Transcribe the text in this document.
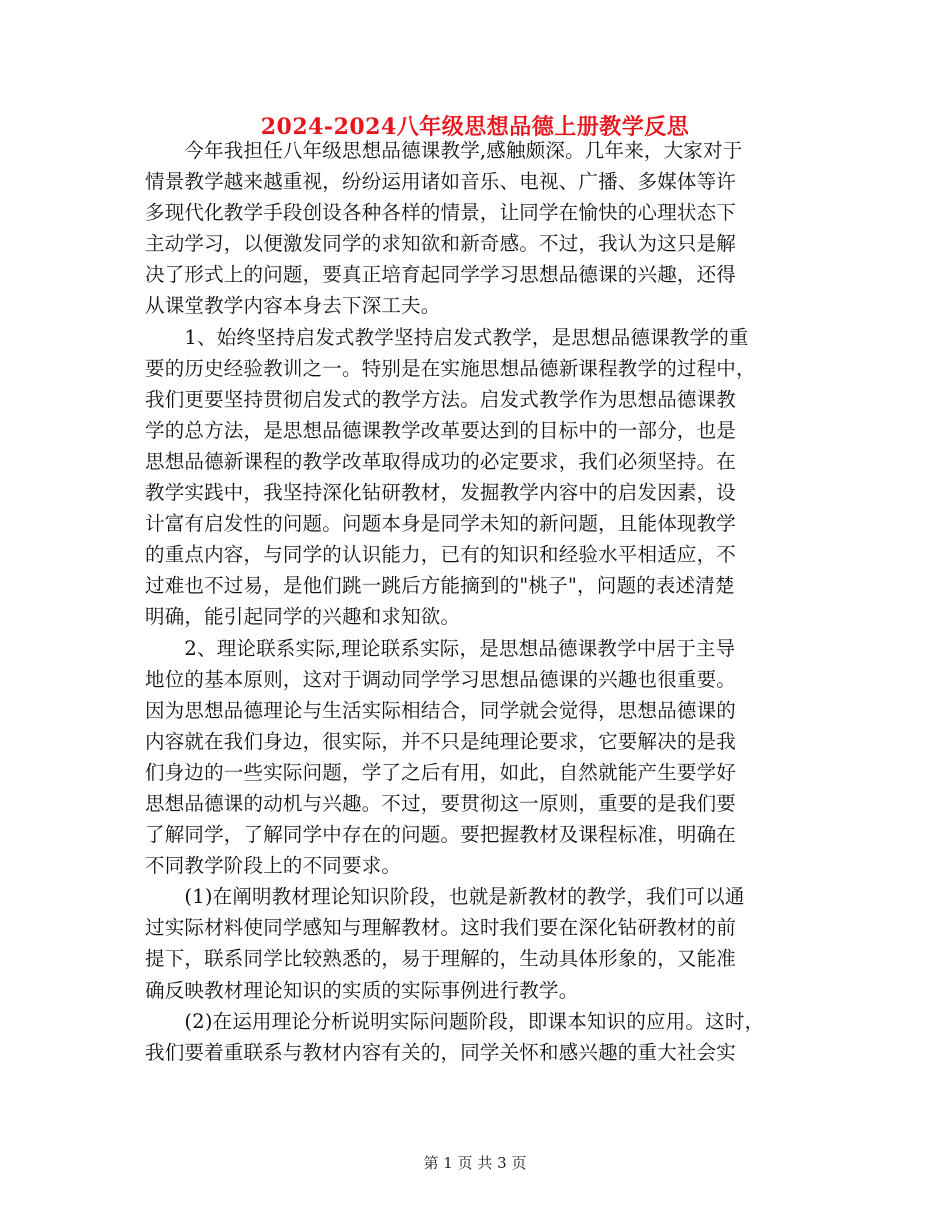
2024-2024八年级思想品德上册教学反思
　　今年我担任八年级思想品德课教学,感触颇深。几年来，大家对于
情景教学越来越重视，纷纷运用诸如音乐、电视、广播、多媒体等许
多现代化教学手段创设各种各样的情景，让同学在愉快的心理状态下
主动学习，以便激发同学的求知欲和新奇感。不过，我认为这只是解
决了形式上的问题，要真正培育起同学学习思想品德课的兴趣，还得
从课堂教学内容本身去下深工夫。
　　1、始终坚持启发式教学坚持启发式教学，是思想品德课教学的重
要的历史经验教训之一。特别是在实施思想品德新课程教学的过程中，
我们更要坚持贯彻启发式的教学方法。启发式教学作为思想品德课教
学的总方法，是思想品德课教学改革要达到的目标中的一部分，也是
思想品德新课程的教学改革取得成功的必定要求，我们必须坚持。在
教学实践中，我坚持深化钻研教材，发掘教学内容中的启发因素，设
计富有启发性的问题。问题本身是同学未知的新问题，且能体现教学
的重点内容，与同学的认识能力，已有的知识和经验水平相适应，不
过难也不过易，是他们跳一跳后方能摘到的"桃子"，问题的表述清楚
明确，能引起同学的兴趣和求知欲。
　　2、理论联系实际,理论联系实际，是思想品德课教学中居于主导
地位的基本原则，这对于调动同学学习思想品德课的兴趣也很重要。
因为思想品德理论与生活实际相结合，同学就会觉得，思想品德课的
内容就在我们身边，很实际，并不只是纯理论要求，它要解决的是我
们身边的一些实际问题，学了之后有用，如此，自然就能产生要学好
思想品德课的动机与兴趣。不过，要贯彻这一原则，重要的是我们要
了解同学，了解同学中存在的问题。要把握教材及课程标准，明确在
不同教学阶段上的不同要求。
　　(1)在阐明教材理论知识阶段，也就是新教材的教学，我们可以通
过实际材料使同学感知与理解教材。这时我们要在深化钻研教材的前
提下，联系同学比较熟悉的，易于理解的，生动具体形象的，又能准
确反映教材理论知识的实质的实际事例进行教学。
　　(2)在运用理论分析说明实际问题阶段，即课本知识的应用。这时，
我们要着重联系与教材内容有关的，同学关怀和感兴趣的重大社会实
第 1 页 共 3 页
